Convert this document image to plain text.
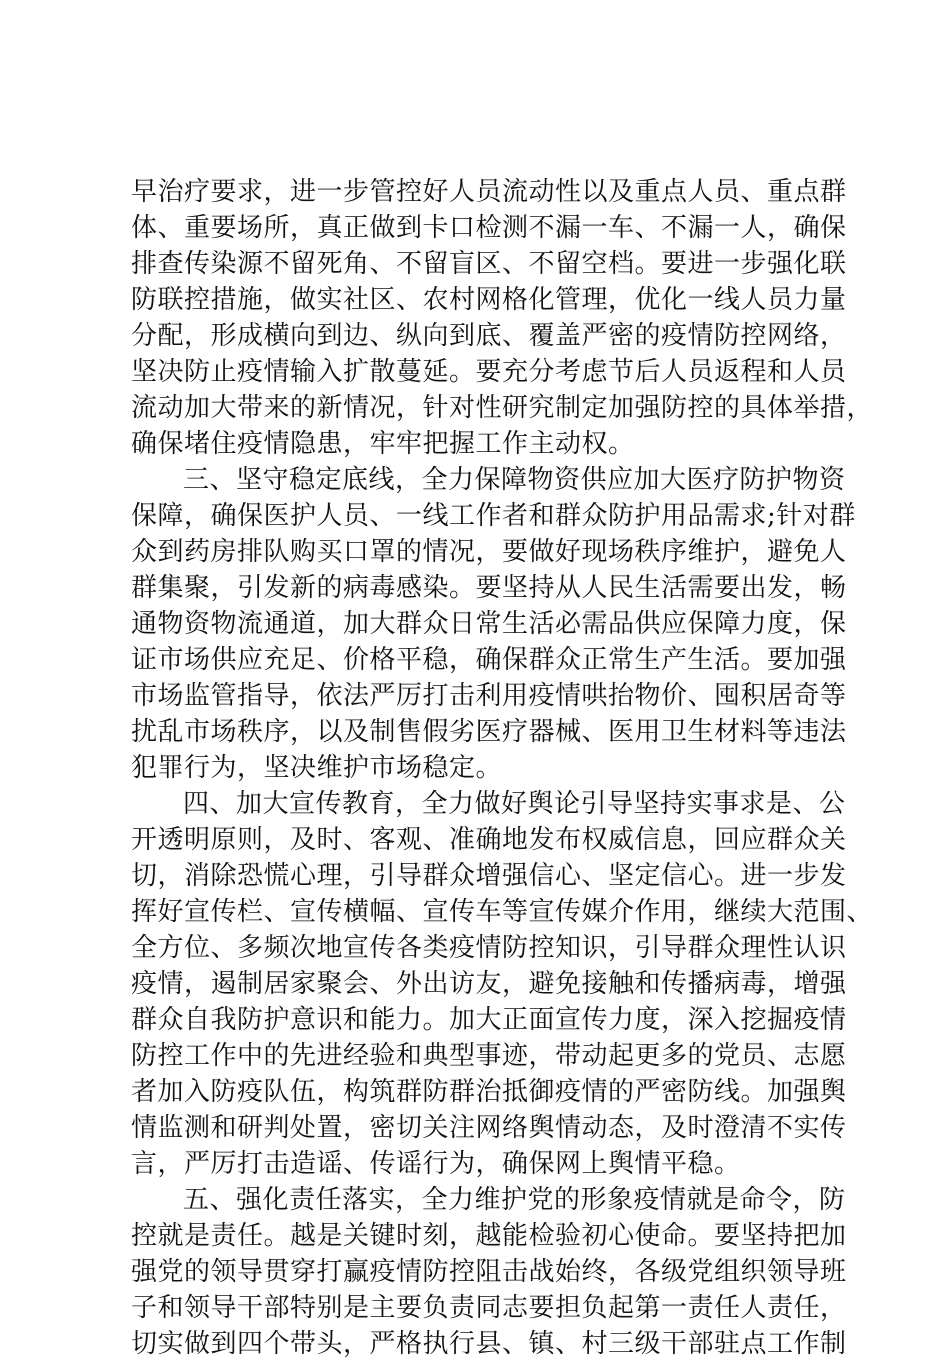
早治疗要求，进一步管控好人员流动性以及重点人员、重点群
体、重要场所，真正做到卡口检测不漏一车、不漏一人，确保
排查传染源不留死角、不留盲区、不留空档。要进一步强化联
防联控措施，做实社区、农村网格化管理，优化一线人员力量
分配，形成横向到边、纵向到底、覆盖严密的疫情防控网络，
坚决防止疫情输入扩散蔓延。要充分考虑节后人员返程和人员
流动加大带来的新情况，针对性研究制定加强防控的具体举措，
确保堵住疫情隐患，牢牢把握工作主动权。
三、坚守稳定底线，全力保障物资供应加大医疗防护物资
保障，确保医护人员、一线工作者和群众防护用品需求;针对群
众到药房排队购买口罩的情况，要做好现场秩序维护，避免人
群集聚，引发新的病毒感染。要坚持从人民生活需要出发，畅
通物资物流通道，加大群众日常生活必需品供应保障力度，保
证市场供应充足、价格平稳，确保群众正常生产生活。要加强
市场监管指导，依法严厉打击利用疫情哄抬物价、囤积居奇等
扰乱市场秩序，以及制售假劣医疗器械、医用卫生材料等违法
犯罪行为，坚决维护市场稳定。
四、加大宣传教育，全力做好舆论引导坚持实事求是、公
开透明原则，及时、客观、准确地发布权威信息，回应群众关
切，消除恐慌心理，引导群众增强信心、坚定信心。进一步发
挥好宣传栏、宣传横幅、宣传车等宣传媒介作用，继续大范围、
全方位、多频次地宣传各类疫情防控知识，引导群众理性认识
疫情，遏制居家聚会、外出访友，避免接触和传播病毒，增强
群众自我防护意识和能力。加大正面宣传力度，深入挖掘疫情
防控工作中的先进经验和典型事迹，带动起更多的党员、志愿
者加入防疫队伍，构筑群防群治抵御疫情的严密防线。加强舆
情监测和研判处置，密切关注网络舆情动态，及时澄清不实传
言，严厉打击造谣、传谣行为，确保网上舆情平稳。
五、强化责任落实，全力维护党的形象疫情就是命令，防
控就是责任。越是关键时刻，越能检验初心使命。要坚持把加
强党的领导贯穿打赢疫情防控阻击战始终，各级党组织领导班
子和领导干部特别是主要负责同志要担负起第一责任人责任，
切实做到四个带头，严格执行县、镇、村三级干部驻点工作制
